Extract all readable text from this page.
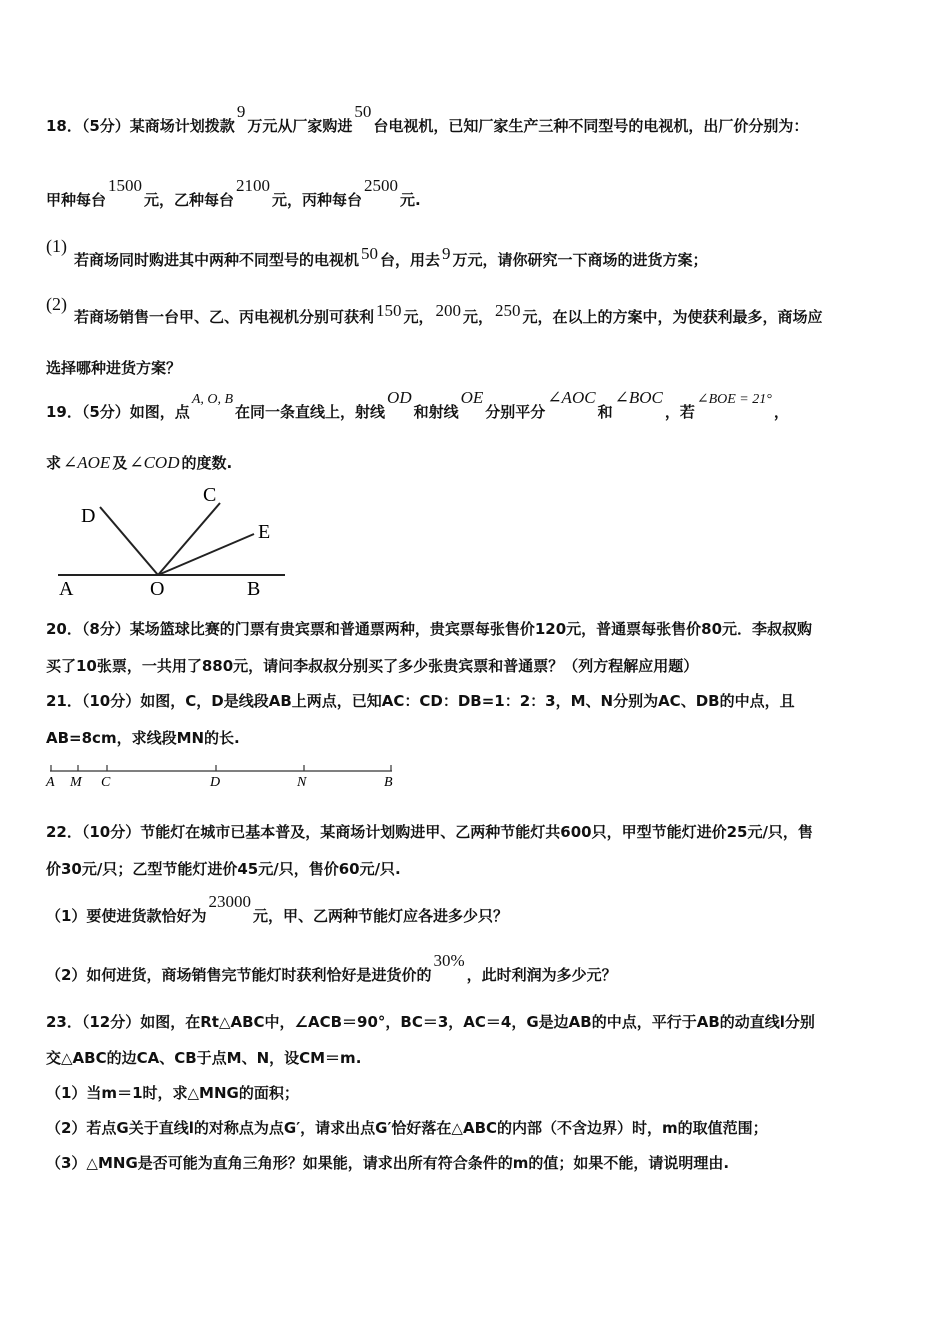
18．（5分）某商场计划拨款9万元从厂家购进50台电视机，已知厂家生产三种不同型号的电视机，出厂价分别为：
甲种每台1500元，乙种每台2100元，丙种每台2500元.
(1)
若商场同时购进其中两种不同型号的电视机 50 台，用去 9 万元，请你研究一下商场的进货方案；
(2)
若商场销售一台甲、乙、丙电视机分别可获利 150 元， 200 元， 250 元，在以上的方案中，为使获利最多，商场应
选择哪种进货方案？
19．（5分）如图，点A, O, B在同一条直线上，射线OD和射线OE分别平分∠AOC和∠BOC，若∠BOE = 21°，
求 ∠AOE 及 ∠COD 的度数.
D
C
E
A	O	B
20．（8分）某场篮球比赛的门票有贵宾票和普通票两种，贵宾票每张售价120元，普通票每张售价80元．李叔叔购
买了10张票，一共用了880元，请问李叔叔分别买了多少张贵宾票和普通票？（列方程解应用题）
21．（10分）如图，C，D是线段AB上两点，已知AC：CD：DB=1：2：3，M、N分别为AC、DB的中点，且
AB=8cm，求线段MN的长.
A M C	D	N	B
22．（10分）节能灯在城市已基本普及，某商场计划购进甲、乙两种节能灯共600只，甲型节能灯进价25元/只，售
价30元/只；乙型节能灯进价45元/只，售价60元/只.
（1）要使进货款恰好为23000元，甲、乙两种节能灯应各进多少只？
（2）如何进货，商场销售完节能灯时获利恰好是进货价的30%，此时利润为多少元？
23．（12分）如图，在Rt△ABC中，∠ACB＝90°，BC＝3，AC＝4，G是边AB的中点，平行于AB的动直线l分别
交△ABC的边CA、CB于点M、N，设CM＝m.
（1）当m＝1时，求△MNG的面积；
（2）若点G关于直线l的对称点为点G′，请求出点G′恰好落在△ABC的内部（不含边界）时，m的取值范围；
（3）△MNG是否可能为直角三角形？如果能，请求出所有符合条件的m的值；如果不能，请说明理由.
